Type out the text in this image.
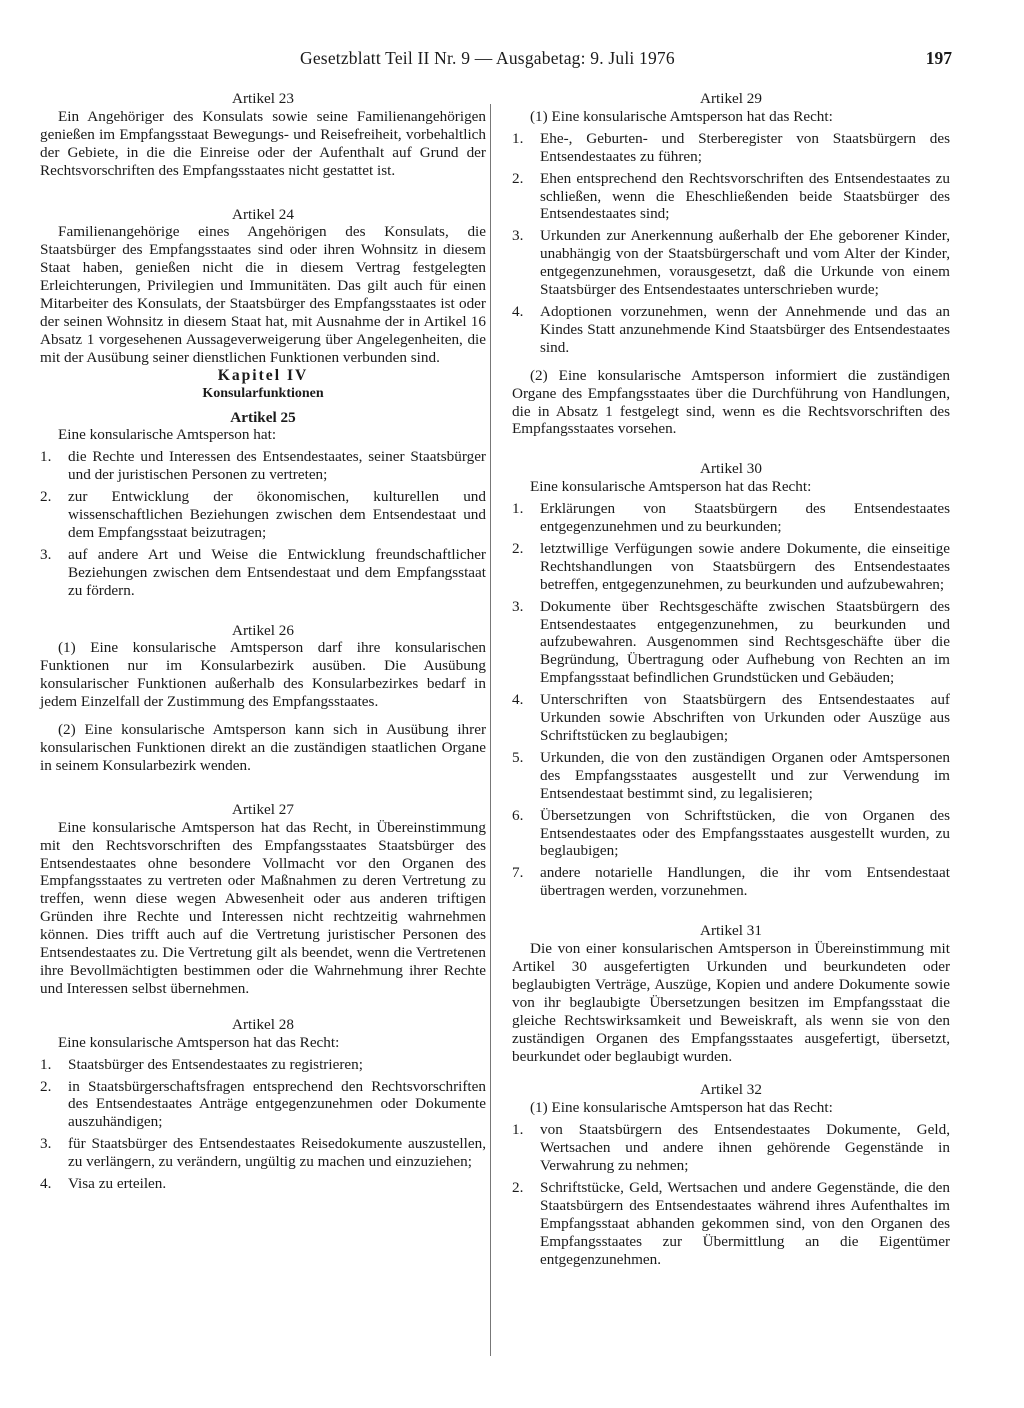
Gesetzblatt Teil II Nr. 9 — Ausgabetag: 9. Juli 1976	197

Artikel 23

Ein Angehöriger des Konsulats sowie seine Familienangehörigen genießen im Empfangsstaat Bewegungs- und Reisefreiheit, vorbehaltlich der Gebiete, in die die Einreise oder der Aufenthalt auf Grund der Rechtsvorschriften des Empfangsstaates nicht gestattet ist.

Artikel 24

Familienangehörige eines Angehörigen des Konsulats, die Staatsbürger des Empfangsstaates sind oder ihren Wohnsitz in diesem Staat haben, genießen nicht die in diesem Vertrag festgelegten Erleichterungen, Privilegien und Immunitäten. Das gilt auch für einen Mitarbeiter des Konsulats, der Staatsbürger des Empfangsstaates ist oder der seinen Wohnsitz in diesem Staat hat, mit Ausnahme der in Artikel 16 Absatz 1 vorgesehenen Aussageverweigerung über Angelegenheiten, die mit der Ausübung seiner dienstlichen Funktionen verbunden sind.

Kapitel IV

Konsularfunktionen

Artikel 25

Eine konsularische Amtsperson hat:

1.	die Rechte und Interessen des Entsendestaates, seiner Staatsbürger und der juristischen Personen zu vertreten;
2.	zur Entwicklung der ökonomischen, kulturellen und wissenschaftlichen Beziehungen zwischen dem Entsendestaat und dem Empfangsstaat beizutragen;
3.	auf andere Art und Weise die Entwicklung freundschaftlicher Beziehungen zwischen dem Entsendestaat und dem Empfangsstaat zu fördern.

Artikel 26

(1) Eine konsularische Amtsperson darf ihre konsularischen Funktionen nur im Konsularbezirk ausüben. Die Ausübung konsularischer Funktionen außerhalb des Konsularbezirkes bedarf in jedem Einzelfall der Zustimmung des Empfangsstaates.

(2) Eine konsularische Amtsperson kann sich in Ausübung ihrer konsularischen Funktionen direkt an die zuständigen staatlichen Organe in seinem Konsularbezirk wenden.

Artikel 27

Eine konsularische Amtsperson hat das Recht, in Übereinstimmung mit den Rechtsvorschriften des Empfangsstaates Staatsbürger des Entsendestaates ohne besondere Vollmacht vor den Organen des Empfangsstaates zu vertreten oder Maßnahmen zu deren Vertretung zu treffen, wenn diese wegen Abwesenheit oder aus anderen triftigen Gründen ihre Rechte und Interessen nicht rechtzeitig wahrnehmen können. Dies trifft auch auf die Vertretung juristischer Personen des Entsendestaates zu. Die Vertretung gilt als beendet, wenn die Vertretenen ihre Bevollmächtigten bestimmen oder die Wahrnehmung ihrer Rechte und Interessen selbst übernehmen.

Artikel 28

Eine konsularische Amtsperson hat das Recht:

1.	Staatsbürger des Entsendestaates zu registrieren;
2.	in Staatsbürgerschaftsfragen entsprechend den Rechtsvorschriften des Entsendestaates Anträge entgegenzunehmen oder Dokumente auszuhändigen;
3.	für Staatsbürger des Entsendestaates Reisedokumente auszustellen, zu verlängern, zu verändern, ungültig zu machen und einzuziehen;
4.	Visa zu erteilen.

Artikel 29

(1) Eine konsularische Amtsperson hat das Recht:

1.	Ehe-, Geburten- und Sterberegister von Staatsbürgern des Entsendestaates zu führen;
2.	Ehen entsprechend den Rechtsvorschriften des Entsendestaates zu schließen, wenn die Eheschließenden beide Staatsbürger des Entsendestaates sind;
3.	Urkunden zur Anerkennung außerhalb der Ehe geborener Kinder, unabhängig von der Staatsbürgerschaft und vom Alter der Kinder, entgegenzunehmen, vorausgesetzt, daß die Urkunde von einem Staatsbürger des Entsendestaates unterschrieben wurde;
4.	Adoptionen vorzunehmen, wenn der Annehmende und das an Kindes Statt anzunehmende Kind Staatsbürger des Entsendestaates sind.

(2) Eine konsularische Amtsperson informiert die zuständigen Organe des Empfangsstaates über die Durchführung von Handlungen, die in Absatz 1 festgelegt sind, wenn es die Rechtsvorschriften des Empfangsstaates vorsehen.

Artikel 30

Eine konsularische Amtsperson hat das Recht:

1.	Erklärungen von Staatsbürgern des Entsendestaates entgegenzunehmen und zu beurkunden;
2.	letztwillige Verfügungen sowie andere Dokumente, die einseitige Rechtshandlungen von Staatsbürgern des Entsendestaates betreffen, entgegenzunehmen, zu beurkunden und aufzubewahren;
3.	Dokumente über Rechtsgeschäfte zwischen Staatsbürgern des Entsendestaates entgegenzunehmen, zu beurkunden und aufzubewahren. Ausgenommen sind Rechtsgeschäfte über die Begründung, Übertragung oder Aufhebung von Rechten an im Empfangsstaat befindlichen Grundstücken und Gebäuden;
4.	Unterschriften von Staatsbürgern des Entsendestaates auf Urkunden sowie Abschriften von Urkunden oder Auszüge aus Schriftstücken zu beglaubigen;
5.	Urkunden, die von den zuständigen Organen oder Amtspersonen des Empfangsstaates ausgestellt und zur Verwendung im Entsendestaat bestimmt sind, zu legalisieren;
6.	Übersetzungen von Schriftstücken, die von Organen des Entsendestaates oder des Empfangsstaates ausgestellt wurden, zu beglaubigen;
7.	andere notarielle Handlungen, die ihr vom Entsendestaat übertragen werden, vorzunehmen.

Artikel 31

Die von einer konsularischen Amtsperson in Übereinstimmung mit Artikel 30 ausgefertigten Urkunden und beurkundeten oder beglaubigten Verträge, Auszüge, Kopien und andere Dokumente sowie von ihr beglaubigte Übersetzungen besitzen im Empfangsstaat die gleiche Rechtswirksamkeit und Beweiskraft, als wenn sie von den zuständigen Organen des Empfangsstaates ausgefertigt, übersetzt, beurkundet oder beglaubigt wurden.

Artikel 32

(1) Eine konsularische Amtsperson hat das Recht:

1.	von Staatsbürgern des Entsendestaates Dokumente, Geld, Wertsachen und andere ihnen gehörende Gegenstände in Verwahrung zu nehmen;
2.	Schriftstücke, Geld, Wertsachen und andere Gegenstände, die den Staatsbürgern des Entsendestaates während ihres Aufenthaltes im Empfangsstaat abhanden gekommen sind, von den Organen des Empfangsstaates zur Übermittlung an die Eigentümer entgegenzunehmen.
